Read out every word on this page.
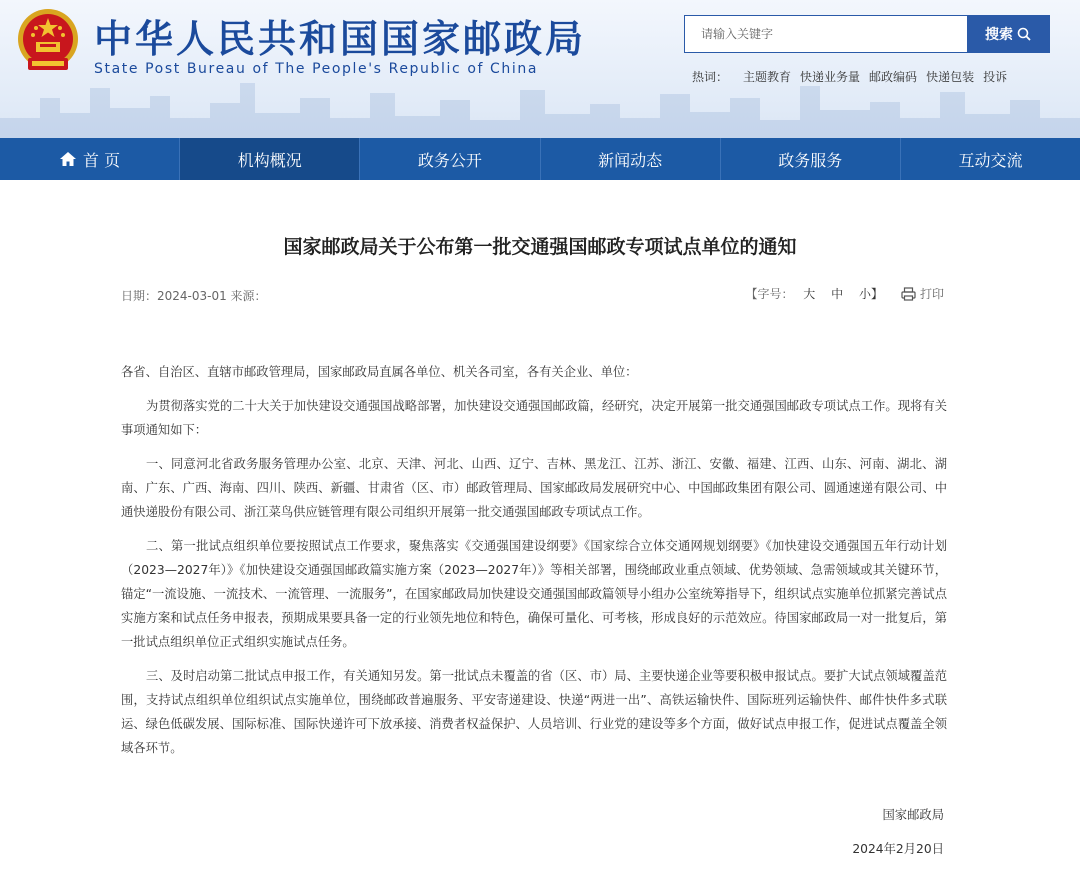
中华人民共和国国家邮政局
State Post Bureau of The People's Republic of China
请输入关键字
搜索
热词： 主题教育 快递业务量 邮政编码 快递包装 投诉
首 页	机构概况	政务公开	新闻动态	政务服务	互动交流
国家邮政局关于公布第一批交通强国邮政专项试点单位的通知
日期：2024-03-01 来源：	【字号： 大 中 小】	打印

各省、自治区、直辖市邮政管理局，国家邮政局直属各单位、机关各司室，各有关企业、单位：

为贯彻落实党的二十大关于加快建设交通强国战略部署，加快建设交通强国邮政篇，经研究，决定开展第一批交通强国邮政专项试点工作。现将有关事项通知如下：

一、同意河北省政务服务管理办公室、北京、天津、河北、山西、辽宁、吉林、黑龙江、江苏、浙江、安徽、福建、江西、山东、河南、湖北、湖南、广东、广西、海南、四川、陕西、新疆、甘肃省（区、市）邮政管理局、国家邮政局发展研究中心、中国邮政集团有限公司、圆通速递有限公司、中通快递股份有限公司、浙江菜鸟供应链管理有限公司组织开展第一批交通强国邮政专项试点工作。

二、第一批试点组织单位要按照试点工作要求，聚焦落实《交通强国建设纲要》《国家综合立体交通网规划纲要》《加快建设交通强国五年行动计划（2023—2027年）》《加快建设交通强国邮政篇实施方案（2023—2027年）》等相关部署，围绕邮政业重点领域、优势领域、急需领域或其关键环节，锚定“一流设施、一流技术、一流管理、一流服务”，在国家邮政局加快建设交通强国邮政篇领导小组办公室统筹指导下，组织试点实施单位抓紧完善试点实施方案和试点任务申报表，预期成果要具备一定的行业领先地位和特色，确保可量化、可考核，形成良好的示范效应。待国家邮政局一对一批复后，第一批试点组织单位正式组织实施试点任务。

三、及时启动第二批试点申报工作，有关通知另发。第一批试点未覆盖的省（区、市）局、主要快递企业等要积极申报试点。要扩大试点领域覆盖范围，支持试点组织单位组织试点实施单位，围绕邮政普遍服务、平安寄递建设、快递“两进一出”、高铁运输快件、国际班列运输快件、邮件快件多式联运、绿色低碳发展、国际标准、国际快递许可下放承接、消费者权益保护、人员培训、行业党的建设等多个方面，做好试点申报工作，促进试点覆盖全领域各环节。

国家邮政局
2024年2月20日
